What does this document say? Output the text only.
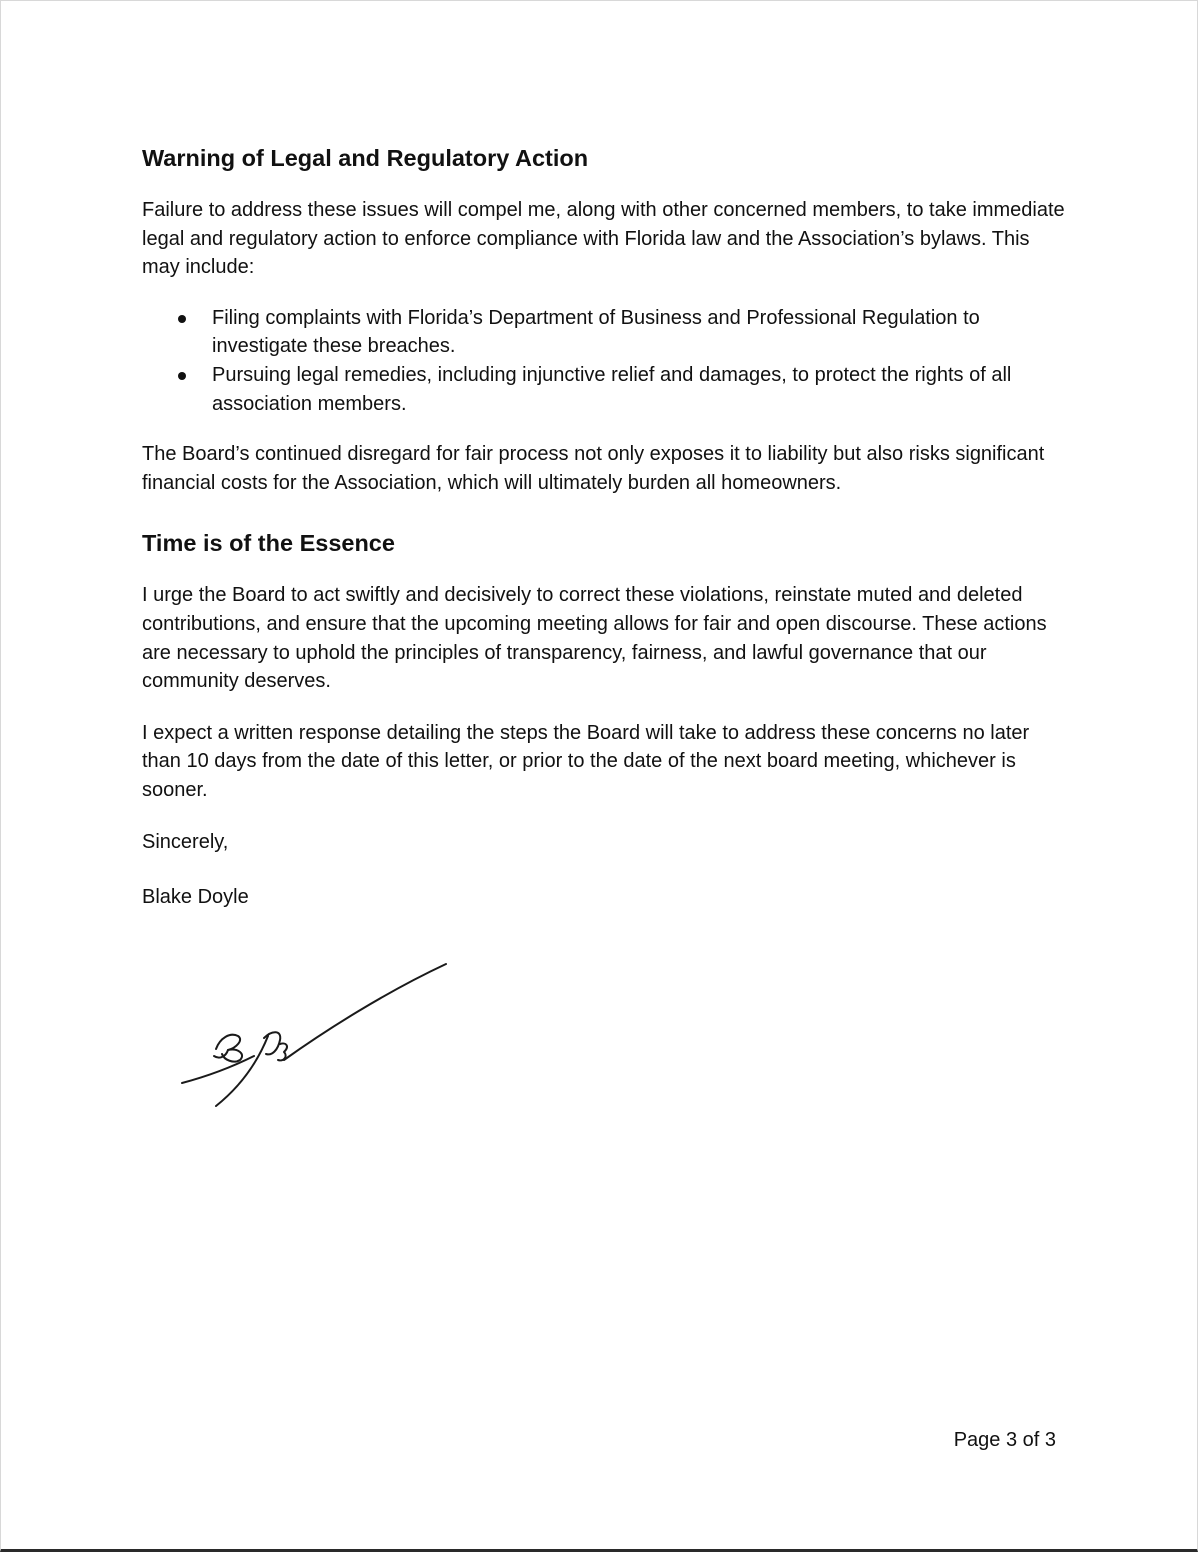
Warning of Legal and Regulatory Action

Failure to address these issues will compel me, along with other concerned members, to take immediate legal and regulatory action to enforce compliance with Florida law and the Association’s bylaws. This may include:

Filing complaints with Florida’s Department of Business and Professional Regulation to investigate these breaches.
Pursuing legal remedies, including injunctive relief and damages, to protect the rights of all association members.

The Board’s continued disregard for fair process not only exposes it to liability but also risks significant financial costs for the Association, which will ultimately burden all homeowners.

Time is of the Essence

I urge the Board to act swiftly and decisively to correct these violations, reinstate muted and deleted contributions, and ensure that the upcoming meeting allows for fair and open discourse. These actions are necessary to uphold the principles of transparency, fairness, and lawful governance that our community deserves.

I expect a written response detailing the steps the Board will take to address these concerns no later than 10 days from the date of this letter, or prior to the date of the next board meeting, whichever is sooner.

Sincerely,

Blake Doyle

Page 3 of 3
